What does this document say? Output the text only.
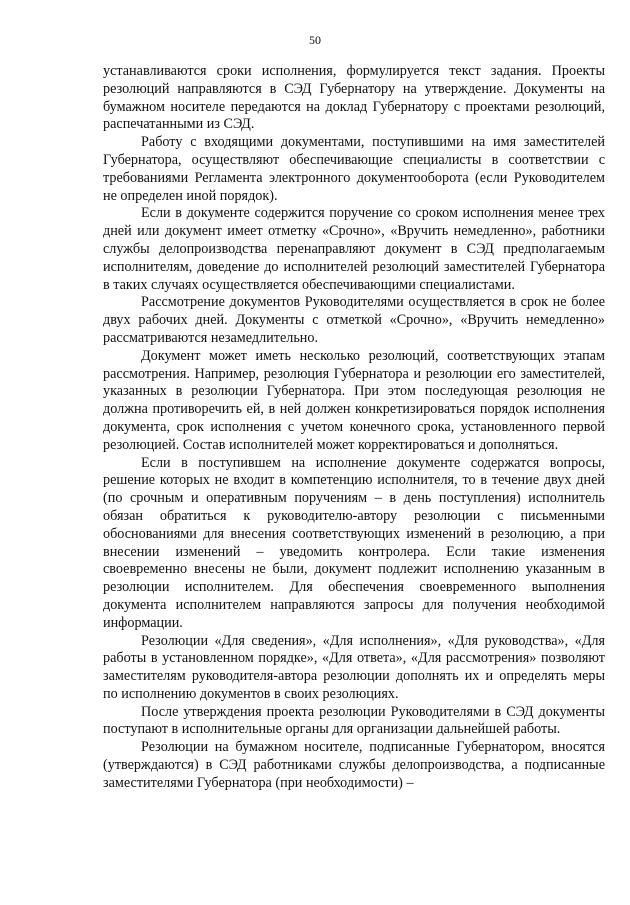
50

устанавливаются сроки исполнения, формулируется текст задания. Проекты резолюций направляются в СЭД Губернатору на утверждение. Документы на бумажном носителе передаются на доклад Губернатору с проектами резолюций, распечатанными из СЭД.

Работу с входящими документами, поступившими на имя заместителей Губернатора, осуществляют обеспечивающие специалисты в соответствии с требованиями Регламента электронного документооборота (если Руководителем не определен иной порядок).

Если в документе содержится поручение со сроком исполнения менее трех дней или документ имеет отметку «Срочно», «Вручить немедленно», работники службы делопроизводства перенаправляют документ в СЭД предполагаемым исполнителям, доведение до исполнителей резолюций заместителей Губернатора в таких случаях осуществляется обеспечивающими специалистами.

Рассмотрение документов Руководителями осуществляется в срок не более двух рабочих дней. Документы с отметкой «Срочно», «Вручить немедленно» рассматриваются незамедлительно.

Документ может иметь несколько резолюций, соответствующих этапам рассмотрения. Например, резолюция Губернатора и резолюции его заместителей, указанных в резолюции Губернатора. При этом последующая резолюция не должна противоречить ей, в ней должен конкретизироваться порядок исполнения документа, срок исполнения с учетом конечного срока, установленного первой резолюцией. Состав исполнителей может корректироваться и дополняться.

Если в поступившем на исполнение документе содержатся вопросы, решение которых не входит в компетенцию исполнителя, то в течение двух дней (по срочным и оперативным поручениям – в день поступления) исполнитель обязан обратиться к руководителю-автору резолюции с письменными обоснованиями для внесения соответствующих изменений в резолюцию, а при внесении изменений – уведомить контролера. Если такие изменения своевременно внесены не были, документ подлежит исполнению указанным в резолюции исполнителем. Для обеспечения своевременного выполнения документа исполнителем направляются запросы для получения необходимой информации.

Резолюции «Для сведения», «Для исполнения», «Для руководства», «Для работы в установленном порядке», «Для ответа», «Для рассмотрения» позволяют заместителям руководителя-автора резолюции дополнять их и определять меры по исполнению документов в своих резолюциях.

После утверждения проекта резолюции Руководителями в СЭД документы поступают в исполнительные органы для организации дальнейшей работы.

Резолюции на бумажном носителе, подписанные Губернатором, вносятся (утверждаются) в СЭД работниками службы делопроизводства, а подписанные заместителями Губернатора (при необходимости) –
